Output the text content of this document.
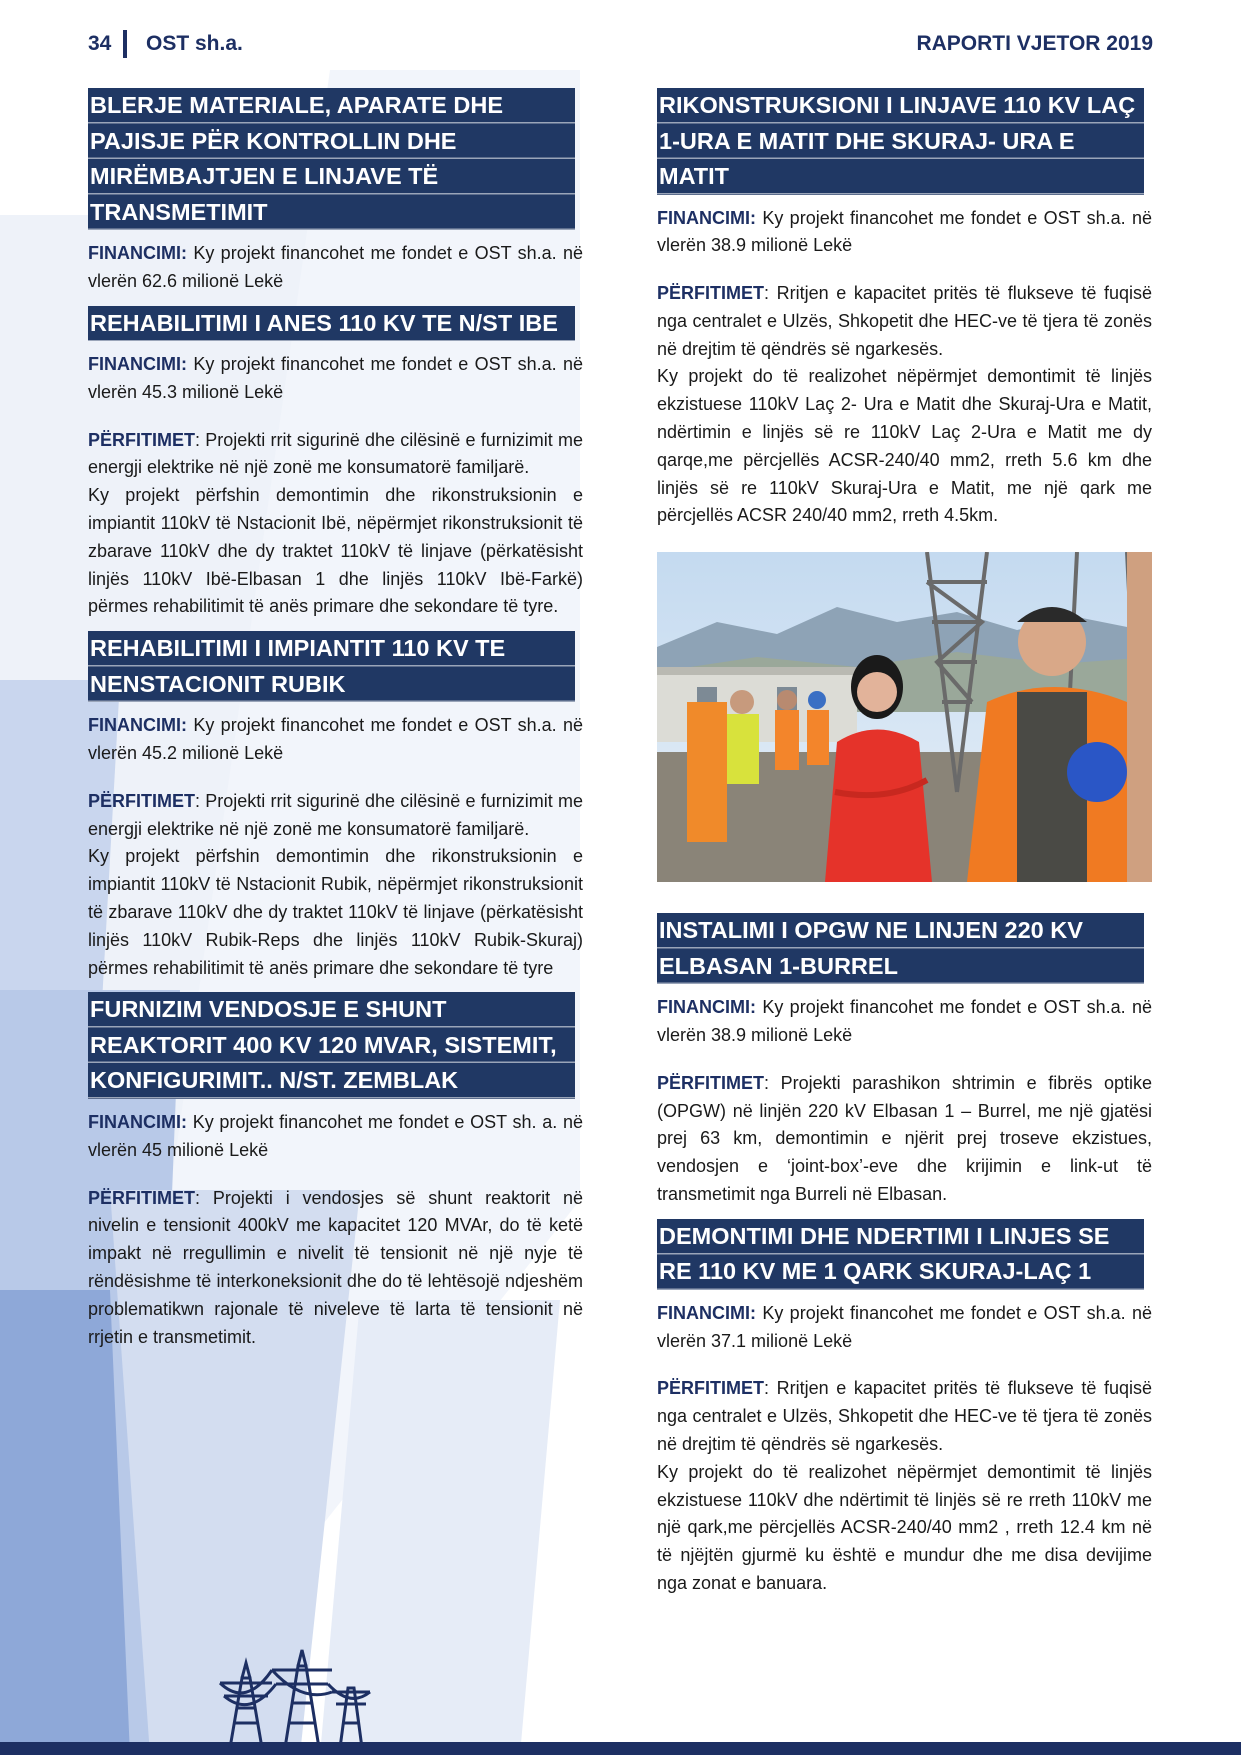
34 OST sh.a.	RAPORTI VJETOR 2019
BLERJE MATERIALE, APARATE DHE PAJISJE PËR KONTROLLIN DHE MIRËMBAJTJEN E LINJAVE TË TRANSMETIMIT

FINANCIMI: Ky projekt financohet me fondet e OST sh.a. në vlerën 62.6 milionë Lekë

REHABILITIMI I ANES 110 KV TE N/ST IBE

FINANCIMI: Ky projekt financohet me fondet e OST sh.a. në vlerën 45.3 milionë Lekë

PËRFITIMET: Projekti rrit sigurinë dhe cilësinë e furnizimit me energji elektrike në një zonë me konsumatorë familjarë.

Ky projekt përfshin demontimin dhe rikonstruksionin e impiantit 110kV të Nstacionit Ibë, nëpërmjet rikonstruksionit të zbarave 110kV dhe dy traktet 110kV të linjave (përkatësisht linjës 110kV Ibë-Elbasan 1 dhe linjës 110kV Ibë-Farkë) përmes rehabilitimit të anës primare dhe sekondare të tyre.

REHABILITIMI I IMPIANTIT 110 KV TE NENSTACIONIT RUBIK

FINANCIMI: Ky projekt financohet me fondet e OST sh.a. në vlerën 45.2 milionë Lekë

PËRFITIMET: Projekti rrit sigurinë dhe cilësinë e furnizimit me energji elektrike në një zonë me konsumatorë familjarë.

Ky projekt përfshin demontimin dhe rikonstruksionin e impiantit 110kV të Nstacionit Rubik, nëpërmjet rikonstruksionit të zbarave 110kV dhe dy traktet 110kV të linjave (përkatësisht linjës 110kV Rubik-Reps dhe linjës 110kV Rubik-Skuraj) përmes rehabilitimit të anës primare dhe sekondare të tyre

FURNIZIM VENDOSJE E SHUNT REAKTORIT 400 KV 120 MVAR, SISTEMIT, KONFIGURIMIT.. N/ST. ZEMBLAK

FINANCIMI: Ky projekt financohet me fondet e OST sh. a. në vlerën 45 milionë Lekë

PËRFITIMET: Projekti i vendosjes së shunt reaktorit në nivelin e tensionit 400kV me kapacitet 120 MVAr, do të ketë impakt në rregullimin e nivelit të tensionit në një nyje të rëndësishme të interkoneksionit dhe do të lehtësojë ndjeshëm problematikwn rajonale të niveleve të larta të tensionit në rrjetin e transmetimit.

RIKONSTRUKSIONI I LINJAVE 110 KV LAÇ 1-URA E MATIT DHE SKURAJ- URA E MATIT

FINANCIMI: Ky projekt financohet me fondet e OST sh.a. në vlerën 38.9 milionë Lekë

PËRFITIMET: Rritjen e kapacitet pritës të flukseve të fuqisë nga centralet e Ulzës, Shkopetit dhe HEC-ve të tjera të zonës në drejtim të qëndrës së ngarkesës.

Ky projekt do të realizohet nëpërmjet demontimit të linjës ekzistuese 110kV Laç 2- Ura e Matit dhe Skuraj-Ura e Matit, ndërtimin e linjës së re 110kV Laç 2-Ura e Matit me dy qarqe,me përcjellës ACSR-240/40 mm2, rreth 5.6 km dhe linjës së re 110kV Skuraj-Ura e Matit, me një qark me përcjellës ACSR 240/40 mm2, rreth 4.5km.

INSTALIMI I OPGW NE LINJEN 220 KV ELBASAN 1-BURREL

FINANCIMI: Ky projekt financohet me fondet e OST sh.a. në vlerën 38.9 milionë Lekë

PËRFITIMET: Projekti parashikon shtrimin e fibrës optike (OPGW) në linjën 220 kV Elbasan 1 – Burrel, me një gjatësi prej 63 km, demontimin e njërit prej troseve ekzistues, vendosjen e ‘joint-box’-eve dhe krijimin e link-ut të transmetimit nga Burreli në Elbasan.

DEMONTIMI DHE NDERTIMI I LINJES SE RE 110 KV ME 1 QARK SKURAJ-LAÇ 1

FINANCIMI: Ky projekt financohet me fondet e OST sh.a. në vlerën 37.1 milionë Lekë

PËRFITIMET: Rritjen e kapacitet pritës të flukseve të fuqisë nga centralet e Ulzës, Shkopetit dhe HEC-ve të tjera të zonës në drejtim të qëndrës së ngarkesës.

Ky projekt do të realizohet nëpërmjet demontimit të linjës ekzistuese 110kV dhe ndërtimit të linjës së re rreth 110kV me një qark,me përcjellës ACSR-240/40 mm2 , rreth 12.4 km në të njëjtën gjurmë ku është e mundur dhe me disa devijime nga zonat e banuara.
